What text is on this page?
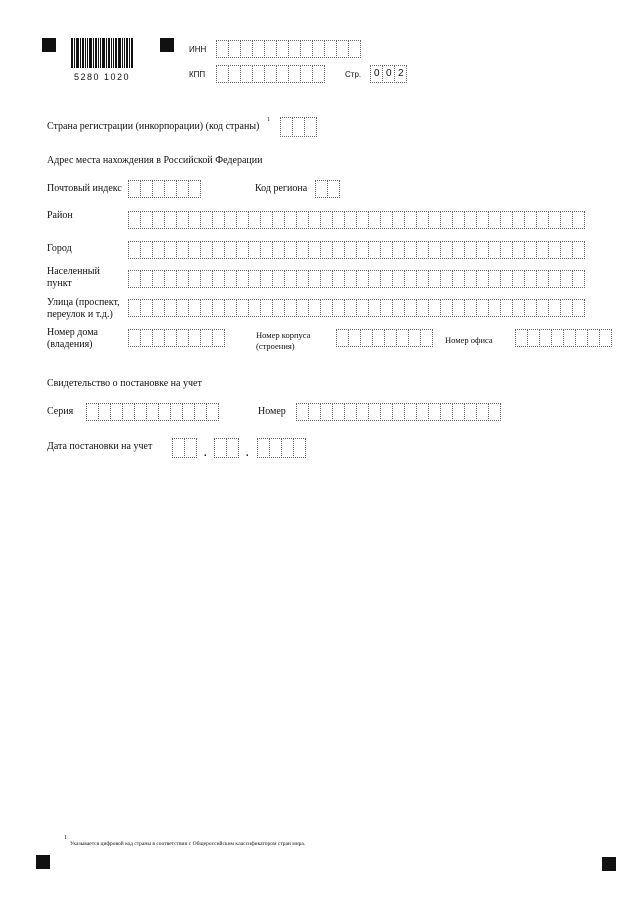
5280 1020
ИНН
КПП	Стр. 0 0 2
Страна регистрации (инкорпорации) (код страны)
1
Адрес места нахождения в Российской Федерации
Почтовый индекс	Код региона
Район
Город
Населенный
пункт
Улица (проспект,
переулок и т.д.)
Номер дома
(владения)
Номер корпуса
(строения)
Номер офиса
Свидетельство о постановке на учет
Серия	Номер
Дата постановки на учет
.	.
1
Указывается цифровой код страны в соответствии с Общероссийским классификатором стран мира.
